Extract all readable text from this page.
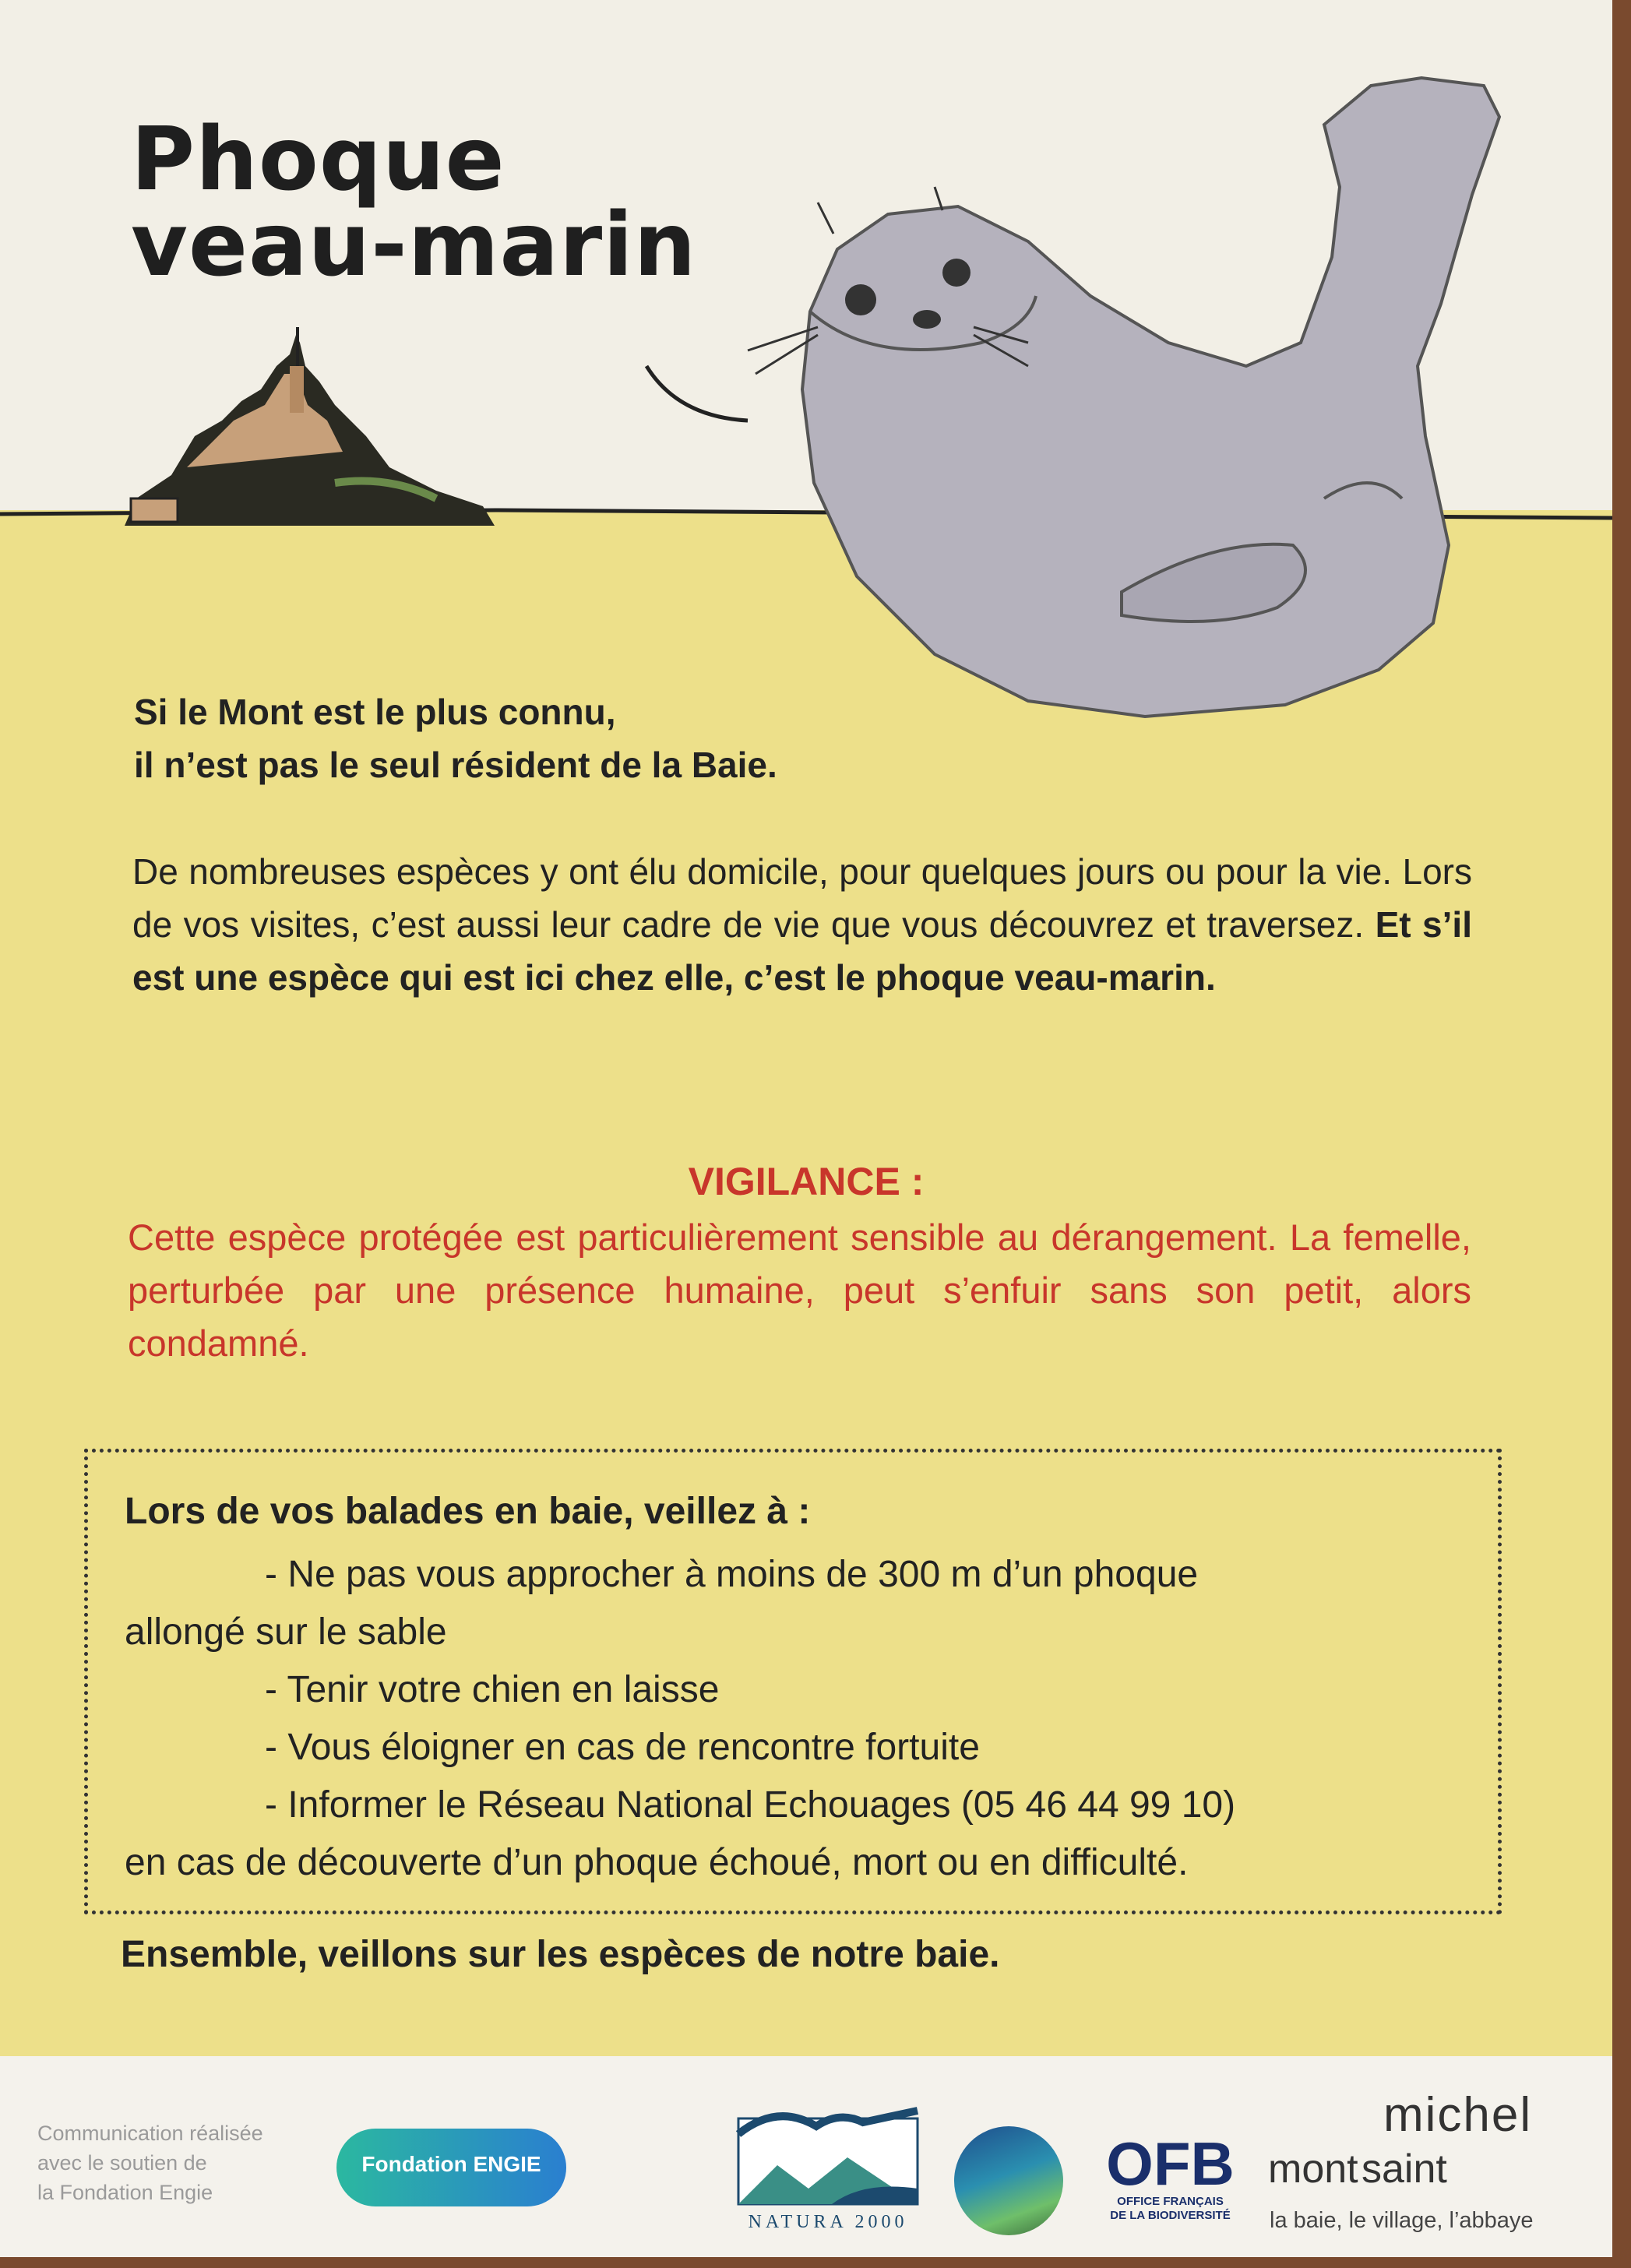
Phoque
veau-marin
Si le Mont est le plus connu,
il n’est pas le seul résident de la Baie.
De nombreuses espèces y ont élu domicile, pour quelques jours ou pour la vie. Lors de vos visites, c’est aussi leur cadre de vie que vous découvrez et traversez. Et s’il est une espèce qui est ici chez elle, c’est le phoque veau-marin.
VIGILANCE :
Cette espèce protégée est particulièrement sensible au dérangement. La femelle, perturbée par une présence humaine, peut s’enfuir sans son petit, alors condamné.
Lors de vos balades en baie, veillez à :
- Ne pas vous approcher à moins de 300 m d’un phoque
allongé sur le sable
- Tenir votre chien en laisse
- Vous éloigner en cas de rencontre fortuite
- Informer le Réseau National Echouages (05 46 44 99 10)
en cas de découverte d’un phoque échoué, mort ou en difficulté.
Ensemble, veillons sur les espèces de notre baie.
Communication réalisée
avec le soutien de
la Fondation Engie
Fondation ENGIE
NATURA 2000
OFB
OFFICE FRANÇAIS
DE LA BIODIVERSITÉ
michel
mont saint
la baie, le village, l’abbaye
